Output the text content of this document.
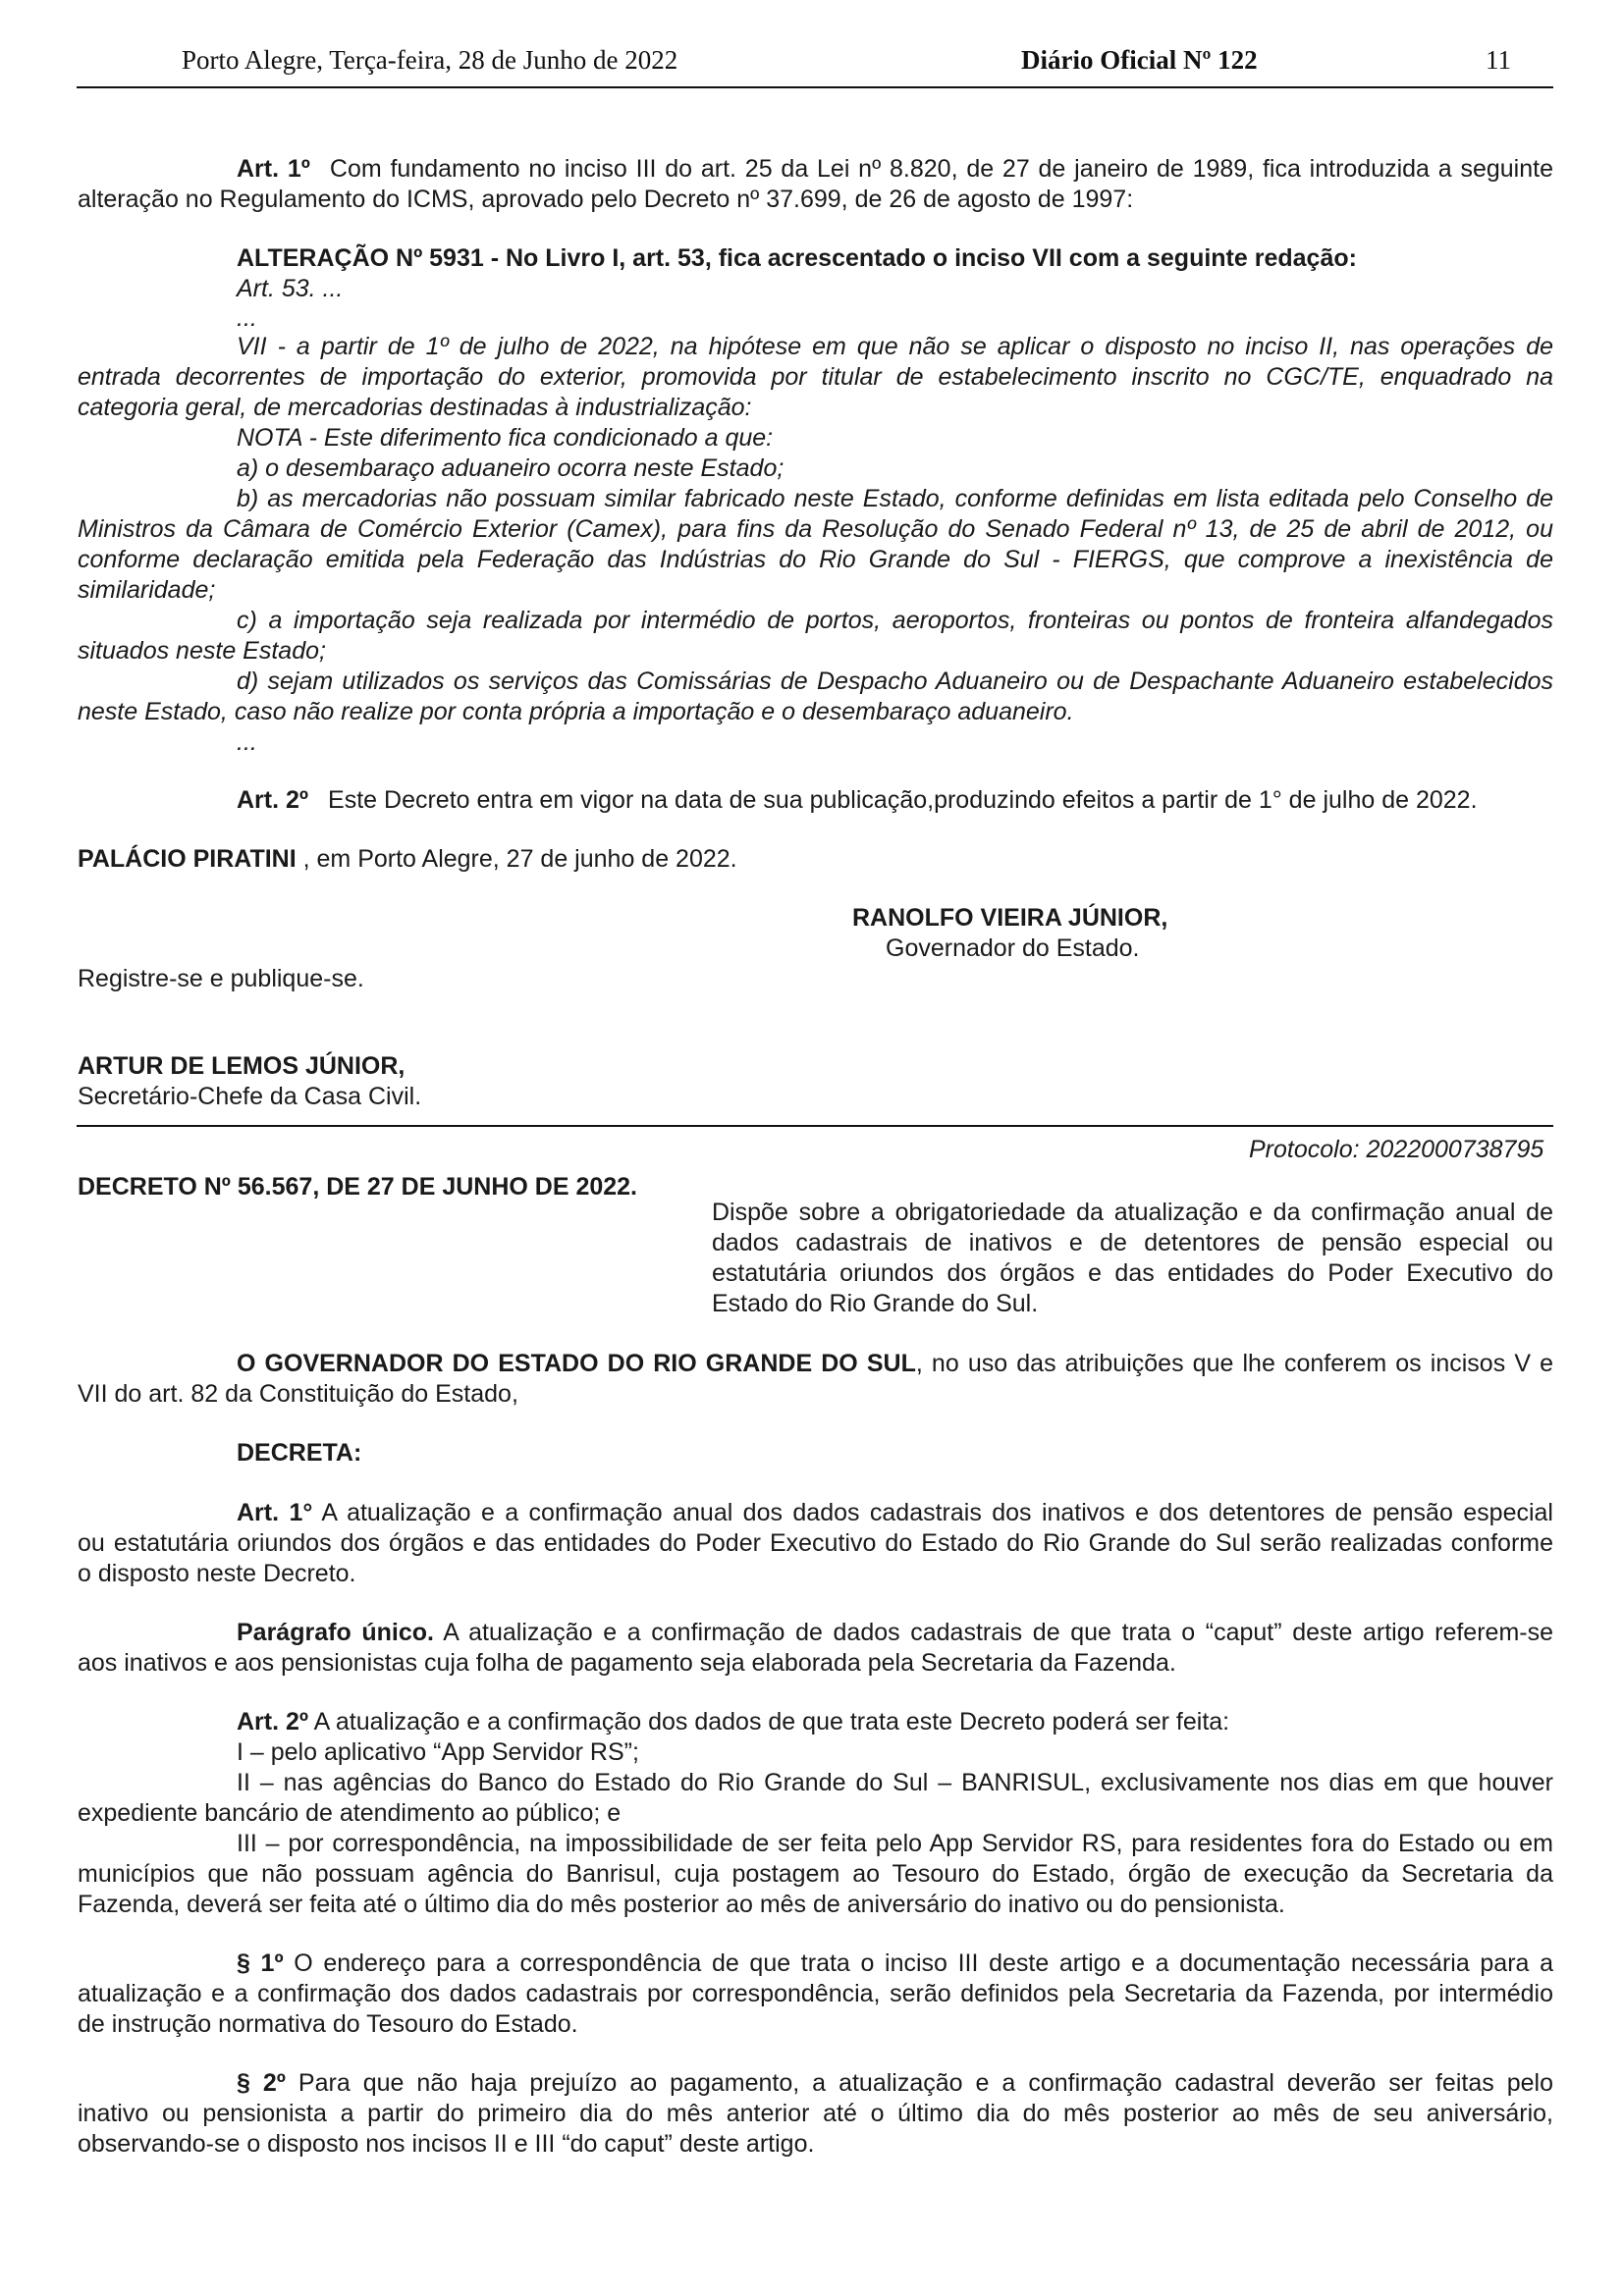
Porto Alegre, Terça-feira, 28 de Junho de 2022	Diário Oficial Nº 122	11
Art. 1º Com fundamento no inciso III do art. 25 da Lei nº 8.820, de 27 de janeiro de 1989, fica introduzida a seguinte
alteração no Regulamento do ICMS, aprovado pelo Decreto nº 37.699, de 26 de agosto de 1997:
ALTERAÇÃO Nº 5931 - No Livro I, art. 53, fica acrescentado o inciso VII com a seguinte redação:
Art. 53. ...
...
VII - a partir de 1º de julho de 2022, na hipótese em que não se aplicar o disposto no inciso II, nas operações de
entrada decorrentes de importação do exterior, promovida por titular de estabelecimento inscrito no CGC/TE, enquadrado na
categoria geral, de mercadorias destinadas à industrialização:
NOTA - Este diferimento fica condicionado a que:
a) o desembaraço aduaneiro ocorra neste Estado;
b) as mercadorias não possuam similar fabricado neste Estado, conforme definidas em lista editada pelo Conselho de
Ministros da Câmara de Comércio Exterior (Camex), para fins da Resolução do Senado Federal nº 13, de 25 de abril de 2012, ou
conforme declaração emitida pela Federação das Indústrias do Rio Grande do Sul - FIERGS, que comprove a inexistência de
similaridade;
c) a importação seja realizada por intermédio de portos, aeroportos, fronteiras ou pontos de fronteira alfandegados
situados neste Estado;
d) sejam utilizados os serviços das Comissárias de Despacho Aduaneiro ou de Despachante Aduaneiro estabelecidos
neste Estado, caso não realize por conta própria a importação e o desembaraço aduaneiro.
...
Art. 2º Este Decreto entra em vigor na data de sua publicação,produzindo efeitos a partir de 1° de julho de 2022.
PALÁCIO PIRATINI , em Porto Alegre, 27 de junho de 2022.
RANOLFO VIEIRA JÚNIOR,
Governador do Estado.
Registre-se e publique-se.
ARTUR DE LEMOS JÚNIOR,
Secretário-Chefe da Casa Civil.
Protocolo: 2022000738795
DECRETO Nº 56.567, DE 27 DE JUNHO DE 2022.
Dispõe sobre a obrigatoriedade da atualização e da confirmação anual de
dados cadastrais de inativos e de detentores de pensão especial ou
estatutária oriundos dos órgãos e das entidades do Poder Executivo do
Estado do Rio Grande do Sul.
O GOVERNADOR DO ESTADO DO RIO GRANDE DO SUL, no uso das atribuições que lhe conferem os incisos V e
VII do art. 82 da Constituição do Estado,
DECRETA:
Art. 1° A atualização e a confirmação anual dos dados cadastrais dos inativos e dos detentores de pensão especial
ou estatutária oriundos dos órgãos e das entidades do Poder Executivo do Estado do Rio Grande do Sul serão realizadas conforme
o disposto neste Decreto.
Parágrafo único. A atualização e a confirmação de dados cadastrais de que trata o “caput” deste artigo referem-se
aos inativos e aos pensionistas cuja folha de pagamento seja elaborada pela Secretaria da Fazenda.
Art. 2º A atualização e a confirmação dos dados de que trata este Decreto poderá ser feita:
I – pelo aplicativo “App Servidor RS”;
II – nas agências do Banco do Estado do Rio Grande do Sul – BANRISUL, exclusivamente nos dias em que houver
expediente bancário de atendimento ao público; e
III – por correspondência, na impossibilidade de ser feita pelo App Servidor RS, para residentes fora do Estado ou em
municípios que não possuam agência do Banrisul, cuja postagem ao Tesouro do Estado, órgão de execução da Secretaria da
Fazenda, deverá ser feita até o último dia do mês posterior ao mês de aniversário do inativo ou do pensionista.
§ 1º O endereço para a correspondência de que trata o inciso III deste artigo e a documentação necessária para a
atualização e a confirmação dos dados cadastrais por correspondência, serão definidos pela Secretaria da Fazenda, por intermédio
de instrução normativa do Tesouro do Estado.
§ 2º Para que não haja prejuízo ao pagamento, a atualização e a confirmação cadastral deverão ser feitas pelo
inativo ou pensionista a partir do primeiro dia do mês anterior até o último dia do mês posterior ao mês de seu aniversário,
observando-se o disposto nos incisos II e III “do caput” deste artigo.
